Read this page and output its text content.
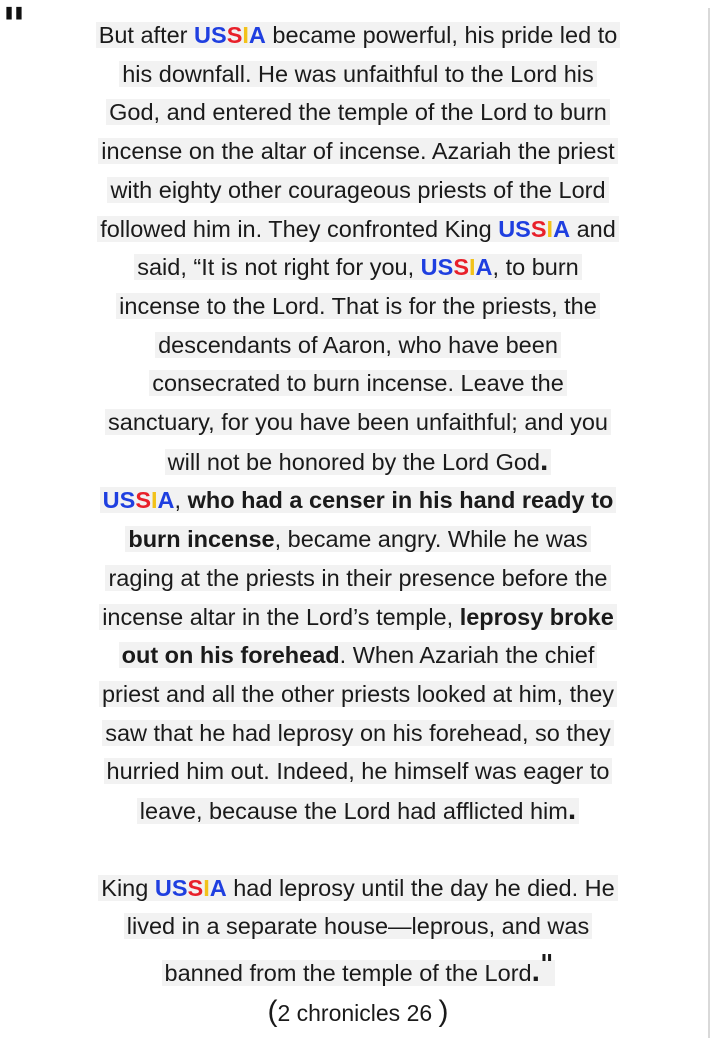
"	But after USSIA became powerful, his pride led to
his downfall. He was unfaithful to the Lord his
God, and entered the temple of the Lord to burn
incense on the altar of incense. Azariah the priest
with eighty other courageous priests of the Lord
followed him in. They confronted King USSIA and
said, “It is not right for you, USSIA, to burn
incense to the Lord. That is for the priests, the
descendants of Aaron, who have been
consecrated to burn incense. Leave the
sanctuary, for you have been unfaithful; and you
will not be honored by the Lord God.
USSIA, who had a censer in his hand ready to
burn incense, became angry. While he was
raging at the priests in their presence before the
incense altar in the Lord’s temple, leprosy broke
out on his forehead. When Azariah the chief
priest and all the other priests looked at him, they
saw that he had leprosy on his forehead, so they
hurried him out. Indeed, he himself was eager to
leave, because the Lord had afflicted him.
King USSIA had leprosy until the day he died. He
lived in a separate house—leprous, and was
banned from the temple of the Lord."
(2 chronicles 26 )
